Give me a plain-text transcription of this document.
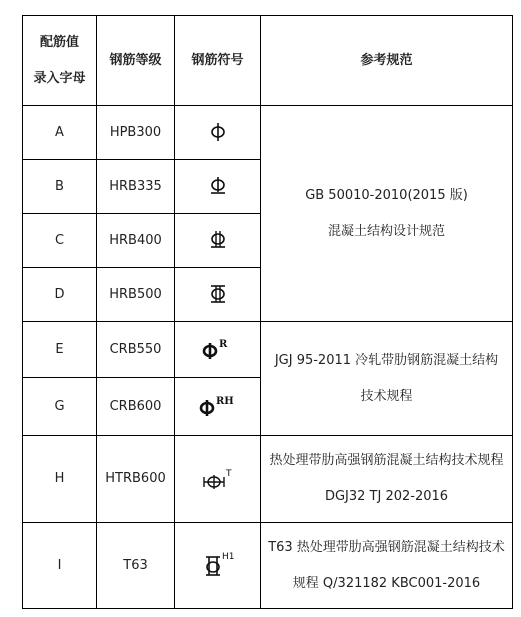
配筋值
录入字母	钢筋等级	钢筋符号	参考规范
A	HPB300		GB 50010-2010(2015 版)
混凝土结构设计规范

B	HRB335	
C	HRB400	
D	HRB500	
E	CRB550	R	JGJ 95-2011 冷轧带肋钢筋混凝土结构
技术规程

G	CRB600	RH	

H	HTRB600	T	热处理带肋高强钢筋混凝土结构技术规程
DGJ32 TJ 202-2016

I	T63	H1	T63 热处理带肋高强钢筋混凝土结构技术
规程 Q/321182 KBC001-2016
